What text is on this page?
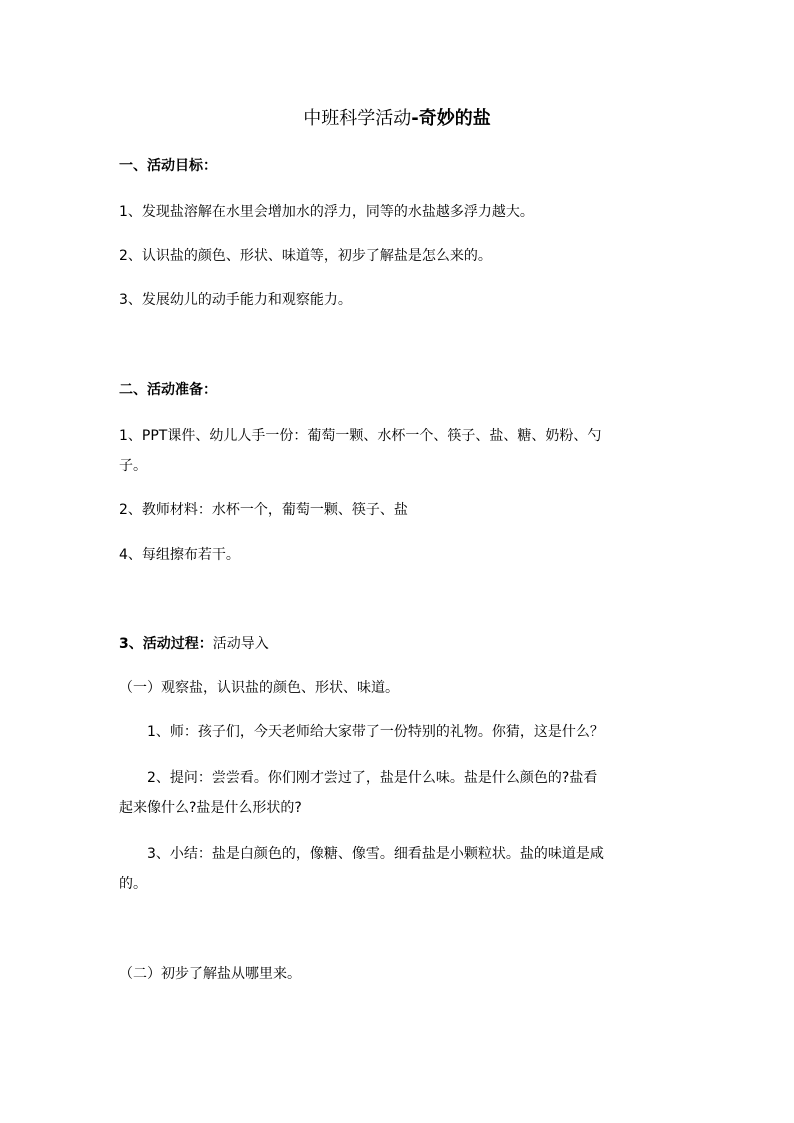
中班科学活动-奇妙的盐
一、活动目标：
1、发现盐溶解在水里会增加水的浮力，同等的水盐越多浮力越大。
2、认识盐的颜色、形状、味道等，初步了解盐是怎么来的。
3、发展幼儿的动手能力和观察能力。
二、活动准备：
1、PPT课件、幼儿人手一份：葡萄一颗、水杯一个、筷子、盐、糖、奶粉、勺
子。
2、教师材料：水杯一个，葡萄一颗、筷子、盐
4、每组擦布若干。
3、活动过程：活动导入
（一）观察盐，认识盐的颜色、形状、味道。
1、师：孩子们，今天老师给大家带了一份特别的礼物。你猜，这是什么？
2、提问：尝尝看。你们刚才尝过了，盐是什么味。盐是什么颜色的?盐看
起来像什么?盐是什么形状的?
3、小结：盐是白颜色的，像糖、像雪。细看盐是小颗粒状。盐的味道是咸
的。
（二）初步了解盐从哪里来。
